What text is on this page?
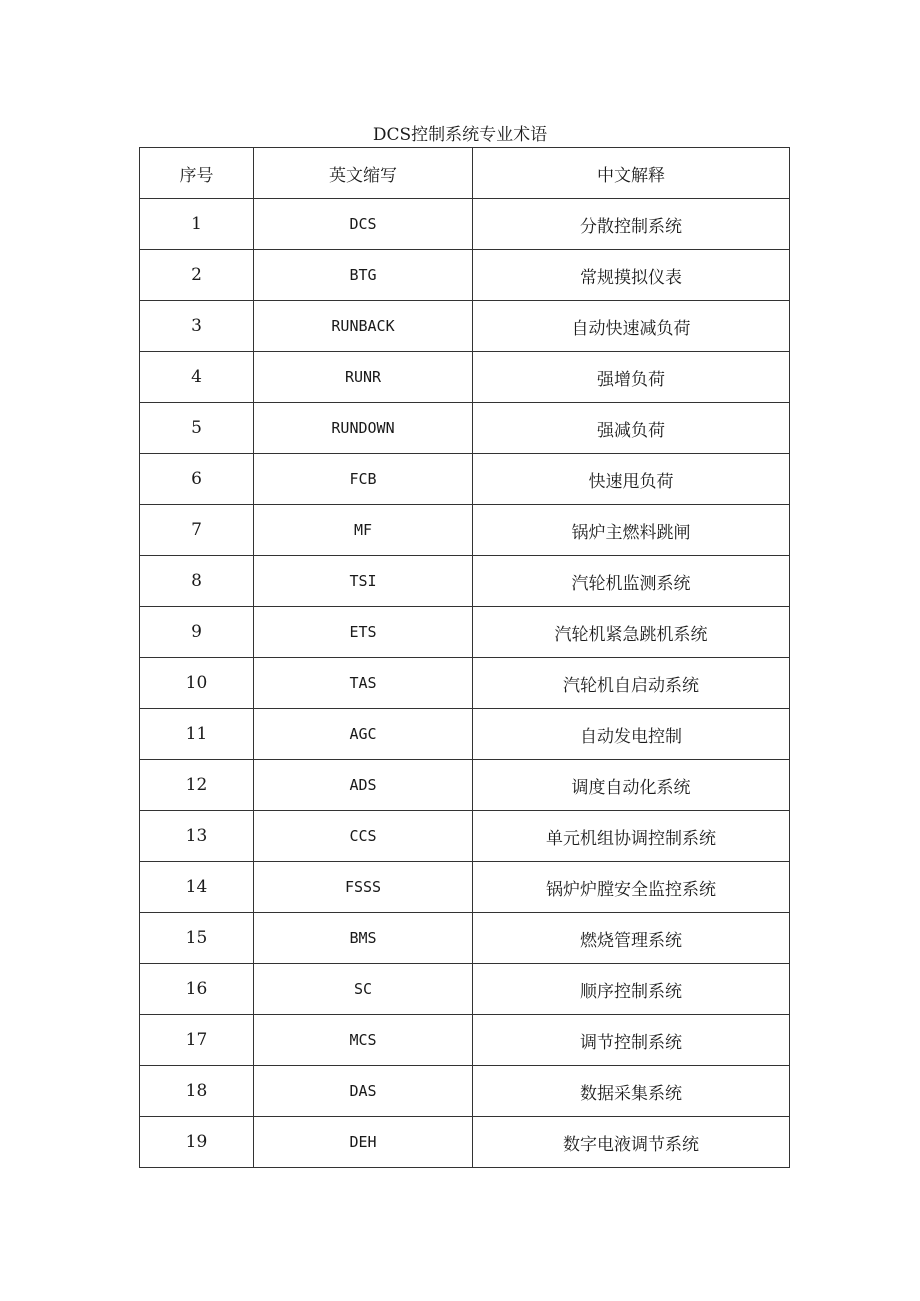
DCS控制系统专业术语
序号	英文缩写	中文解释
1	DCS	分散控制系统
2	BTG	常规摸拟仪表
3	RUNBACK	自动快速减负荷
4	RUNR	强增负荷
5	RUNDOWN	强减负荷
6	FCB	快速甩负荷
7	MF	锅炉主燃料跳闸
8	TSI	汽轮机监测系统
9	ETS	汽轮机紧急跳机系统
10	TAS	汽轮机自启动系统
11	AGC	自动发电控制
12	ADS	调度自动化系统
13	CCS	单元机组协调控制系统
14	FSSS	锅炉炉膛安全监控系统
15	BMS	燃烧管理系统
16	SC	顺序控制系统
17	MCS	调节控制系统
18	DAS	数据采集系统
19	DEH	数字电液调节系统
